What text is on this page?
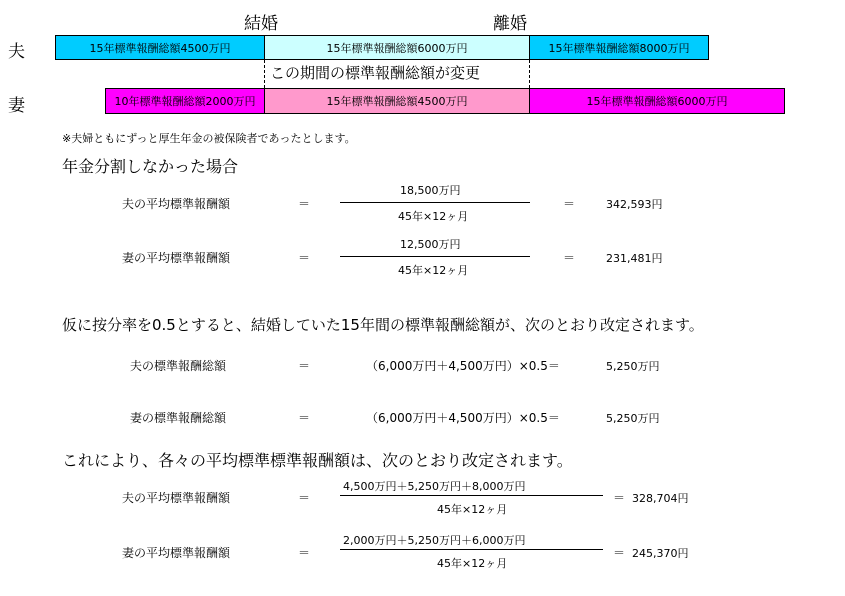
結婚	離婚
夫	15年標準報酬総額4500万円	15年標準報酬総額6000万円	15年標準報酬総額8000万円
この期間の標準報酬総額が変更
妻	10年標準報酬総額2000万円	15年標準報酬総額4500万円	15年標準報酬総額6000万円
※夫婦ともにずっと厚生年金の被保険者であったとします。
年金分割しなかった場合
夫の平均標準報酬額	＝
18,500万円
45年×12ヶ月
＝	342,593円
妻の平均標準報酬額	＝
12,500万円
45年×12ヶ月
＝	231,481円
仮に按分率を0.5とすると、結婚していた15年間の標準報酬総額が、次のとおり改定されます。
夫の標準報酬総額	＝	（6,000万円＋4,500万円）×0.5＝	5,250万円
妻の標準報酬総額	＝	（6,000万円＋4,500万円）×0.5＝	5,250万円
これにより、各々の平均標準標準報酬額は、次のとおり改定されます。
夫の平均標準報酬額	＝
4,500万円＋5,250万円＋8,000万円
45年×12ヶ月
＝ 328,704円
妻の平均標準報酬額	＝
2,000万円＋5,250万円＋6,000万円
45年×12ヶ月
＝ 245,370円
